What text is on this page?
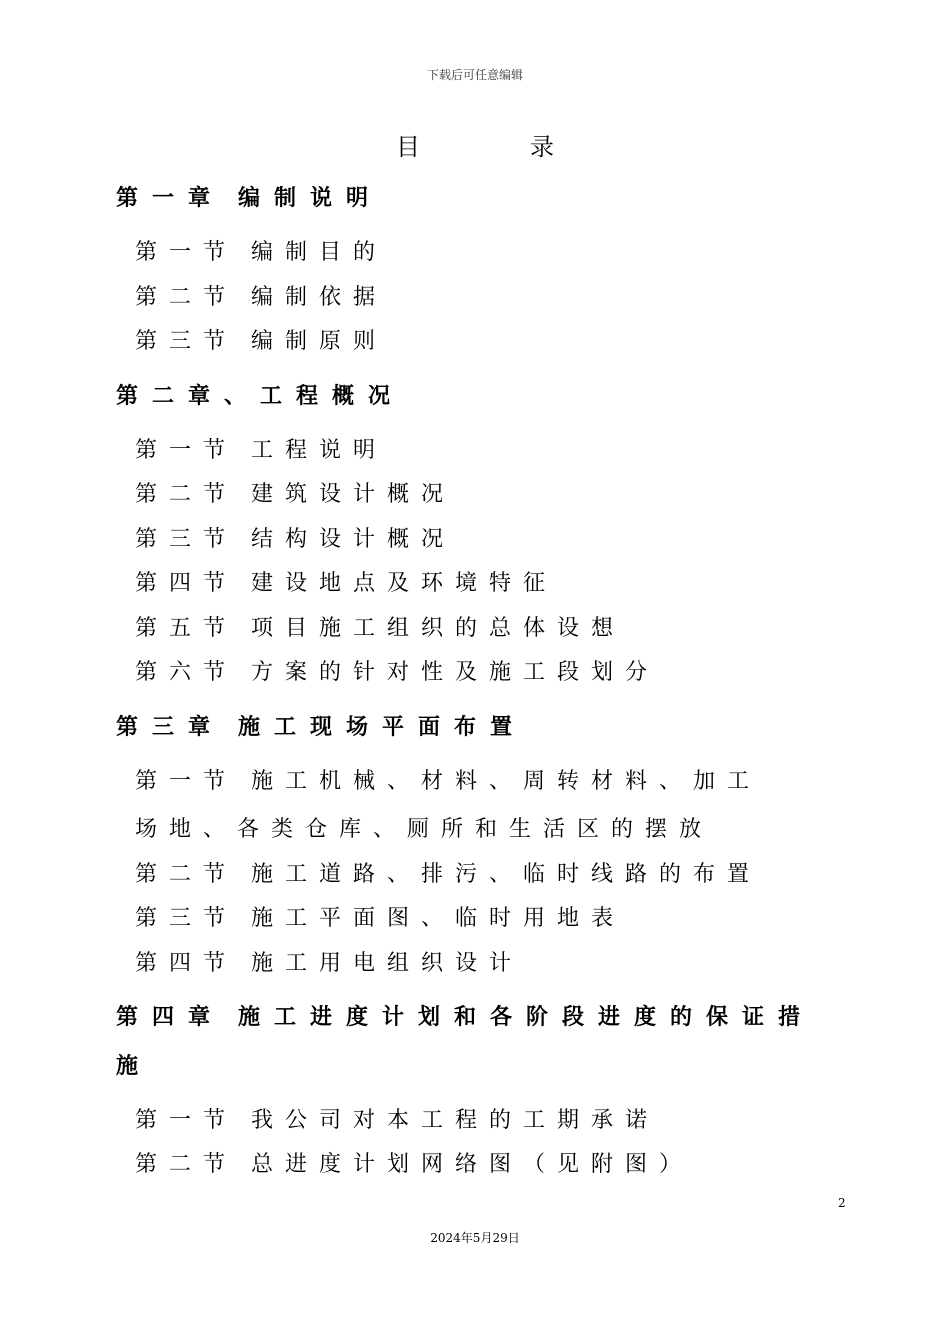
下载后可任意编辑
目	录
第一章 编制说明
第一节 编制目的
第二节 编制依据
第三节 编制原则
第二章、工程概况
第一节 工程说明
第二节 建筑设计概况
第三节 结构设计概况
第四节 建设地点及环境特征
第五节 项目施工组织的总体设想
第六节 方案的针对性及施工段划分
第三章 施工现场平面布置
第一节 施工机械、材料、周转材料、加工
场地、各类仓库、厕所和生活区的摆放
第二节 施工道路、排污、临时线路的布置
第三节 施工平面图、临时用地表
第四节 施工用电组织设计
第四章 施工进度计划和各阶段进度的保证措
施
第一节 我公司对本工程的工期承诺
第二节 总进度计划网络图（见附图）
2
2024年5月29日
